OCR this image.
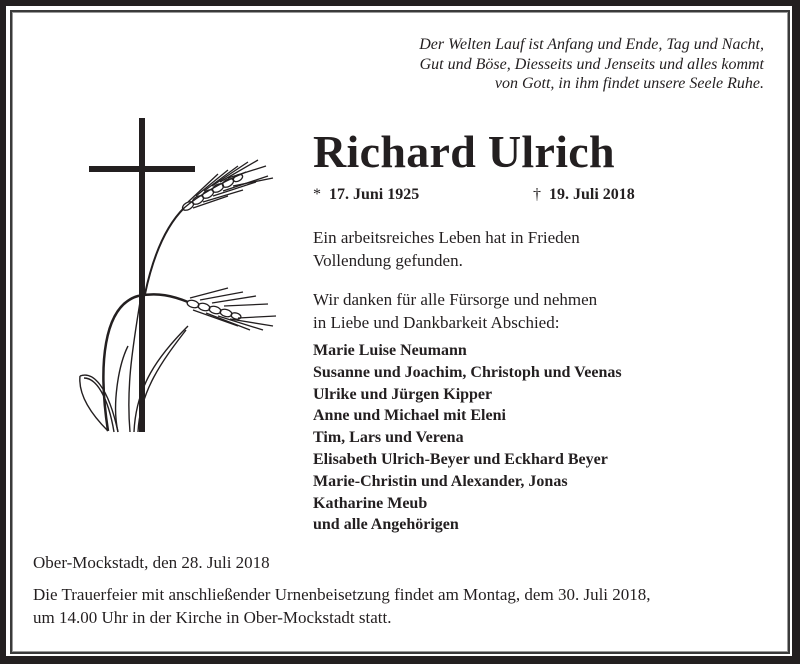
Der Welten Lauf ist Anfang und Ende, Tag und Nacht,
Gut und Böse, Diesseits und Jenseits und alles kommt
von Gott, in ihm findet unsere Seele Ruhe.
Richard Ulrich
* 17. Juni 1925	† 19. Juli 2018
Ein arbeitsreiches Leben hat in Frieden
Vollendung gefunden.
Wir danken für alle Fürsorge und nehmen
in Liebe und Dankbarkeit Abschied:
Marie Luise Neumann
Susanne und Joachim, Christoph und Veenas
Ulrike und Jürgen Kipper
Anne und Michael mit Eleni
Tim, Lars und Verena
Elisabeth Ulrich-Beyer und Eckhard Beyer
Marie-Christin und Alexander, Jonas
Katharine Meub
und alle Angehörigen
Ober-Mockstadt, den 28. Juli 2018
Die Trauerfeier mit anschließender Urnenbeisetzung findet am Montag, dem 30. Juli 2018,
um 14.00 Uhr in der Kirche in Ober-Mockstadt statt.
